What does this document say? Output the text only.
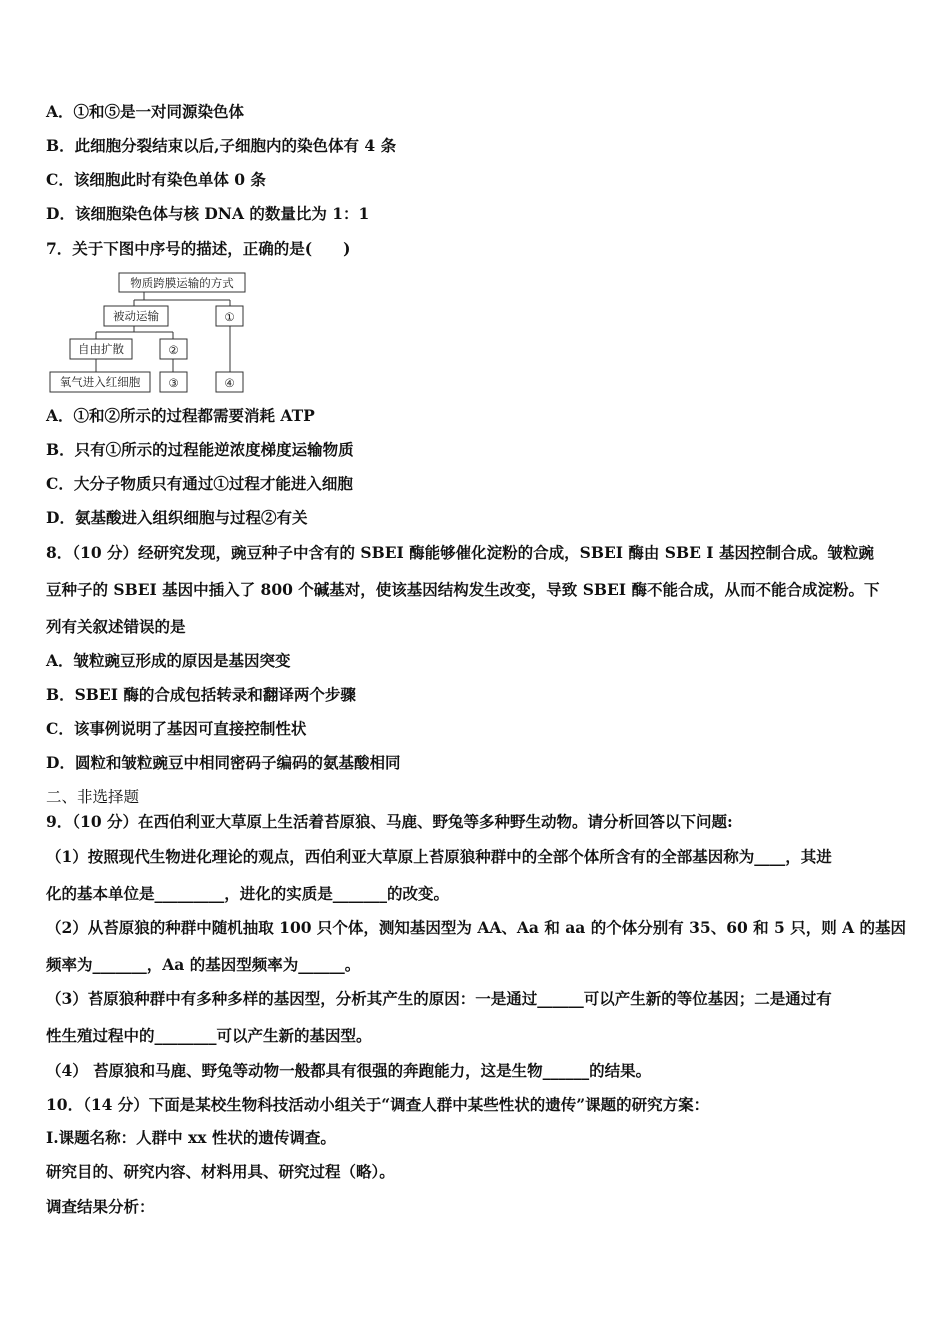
A．①和⑤是一对同源染色体
B．此细胞分裂结束以后,子细胞内的染色体有 4 条
C．该细胞此时有染色单体 0 条
D．该细胞染色体与核 DNA 的数量比为 1：1
7．关于下图中序号的描述，正确的是(　　)
物质跨膜运输的方式
被动运输	①
自由扩散	②
氧气进入红细胞 ③	④
A．①和②所示的过程都需要消耗 ATP
B．只有①所示的过程能逆浓度梯度运输物质
C．大分子物质只有通过①过程才能进入细胞
D．氨基酸进入组织细胞与过程②有关
8．（10 分）经研究发现，豌豆种子中含有的 SBEI 酶能够催化淀粉的合成，SBEI 酶由 SBE I 基因控制合成。皱粒豌
豆种子的 SBEI 基因中插入了 800 个碱基对，使该基因结构发生改变，导致 SBEI 酶不能合成，从而不能合成淀粉。下
列有关叙述错误的是
A．皱粒豌豆形成的原因是基因突变
B．SBEI 酶的合成包括转录和翻译两个步骤
C．该事例说明了基因可直接控制性状
D．圆粒和皱粒豌豆中相同密码子编码的氨基酸相同
二、非选择题
9．（10 分）在西伯利亚大草原上生活着苔原狼、马鹿、野兔等多种野生动物。请分析回答以下问题:
（1）按照现代生物进化理论的观点，西伯利亚大草原上苔原狼种群中的全部个体所含有的全部基因称为____，其进
化的基本单位是_________，进化的实质是_______的改变。
（2）从苔原狼的种群中随机抽取 100 只个体，测知基因型为 AA、Aa 和 aa 的个体分别有 35、60 和 5 只，则 A 的基因
频率为_______，Aa 的基因型频率为______。
（3）苔原狼种群中有多种多样的基因型，分析其产生的原因：一是通过______可以产生新的等位基因；二是通过有
性生殖过程中的________可以产生新的基因型。
（4） 苔原狼和马鹿、野兔等动物一般都具有很强的奔跑能力，这是生物______的结果。
10．（14 分）下面是某校生物科技活动小组关于“调查人群中某些性状的遗传”课题的研究方案：
I.课题名称：人群中 xx 性状的遗传调查。
研究目的、研究内容、材料用具、研究过程（略）。
调查结果分析：
